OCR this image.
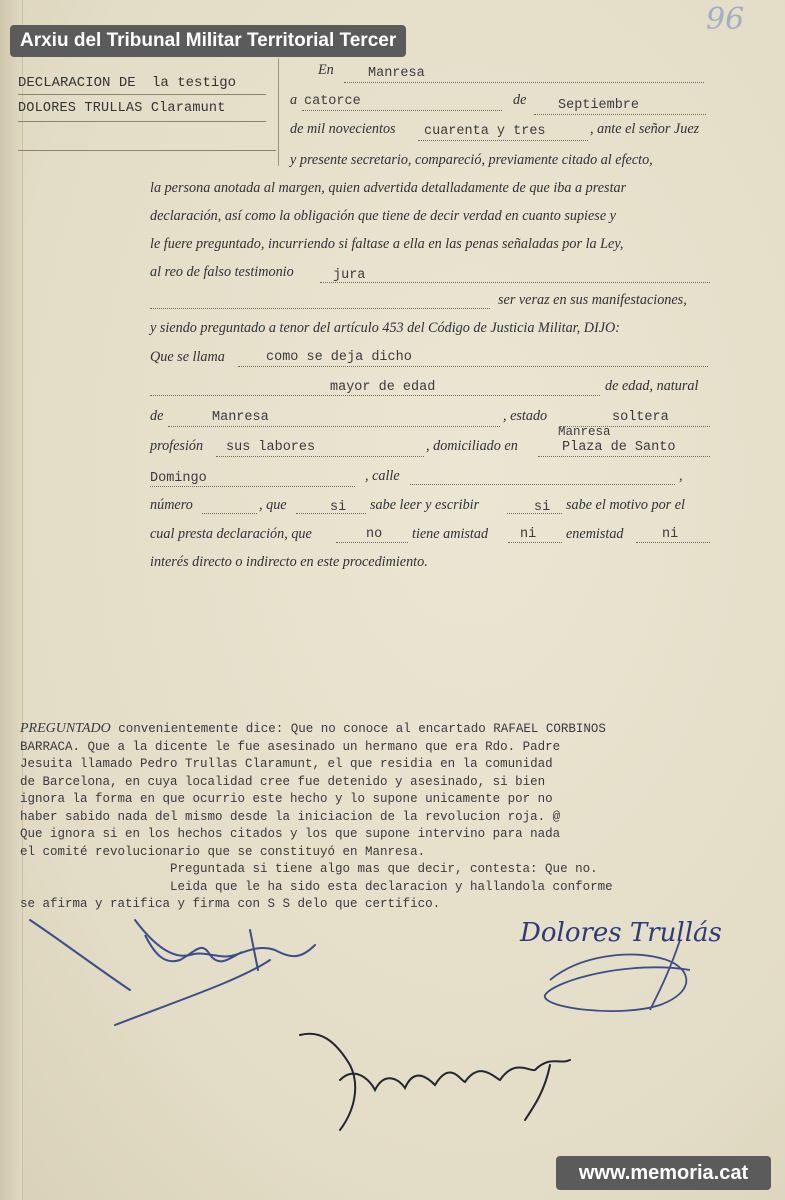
96
Arxiu del Tribunal Militar Territorial Tercer
DECLARACION DE la testigo
DOLORES TRULLAS Claramunt
En	Manresa
a catorce	de Septiembre
de mil novecientos cuarenta y tres	, ante el señor Juez
y presente secretario, compareció, previamente citado al efecto,
la persona anotada al margen, quien advertida detalladamente de que iba a prestar
declaración, así como la obligación que tiene de decir verdad en cuanto supiese y
le fuere preguntado, incurriendo si faltase a ella en las penas señaladas por la Ley,
al reo de falso testimonio	jura
ser veraz en sus manifestaciones,
y siendo preguntado a tenor del artículo 453 del Código de Justicia Militar, DIJO:
Que se llama	como se deja dicho
mayor de edad	de edad, natural
de	Manresa	, estado	soltera
Manresa
profesión sus labores	, domiciliado en	Plaza de Santo
Domingo	, calle	,
número	, que	si sabe leer y escribir	si sabe el motivo por el
cual presta declaración, que	no tiene amistad ni enemistad	ni
interés directo o indirecto en este procedimiento.
PREGUNTADO convenientemente dice: Que no conoce al encartado RAFAEL CORBINOS
BARRACA. Que a la dicente le fue asesinado un hermano que era Rdo. Padre
Jesuita llamado Pedro Trullas Claramunt, el que residia en la comunidad
de Barcelona, en cuya localidad cree fue detenido y asesinado, si bien
ignora la forma en que ocurrio este hecho y lo supone unicamente por no
haber sabido nada del mismo desde la iniciacion de la revolucion roja. @
Que ignora si en los hechos citados y los que supone intervino para nada
el comité revolucionario que se constituyó en Manresa.
Preguntada si tiene algo mas que decir, contesta: Que no.
Leida que le ha sido esta declaracion y hallandola conforme
se afirma y ratifica y firma con S S delo que certifico.
Dolores Trullás
www.memoria.cat
